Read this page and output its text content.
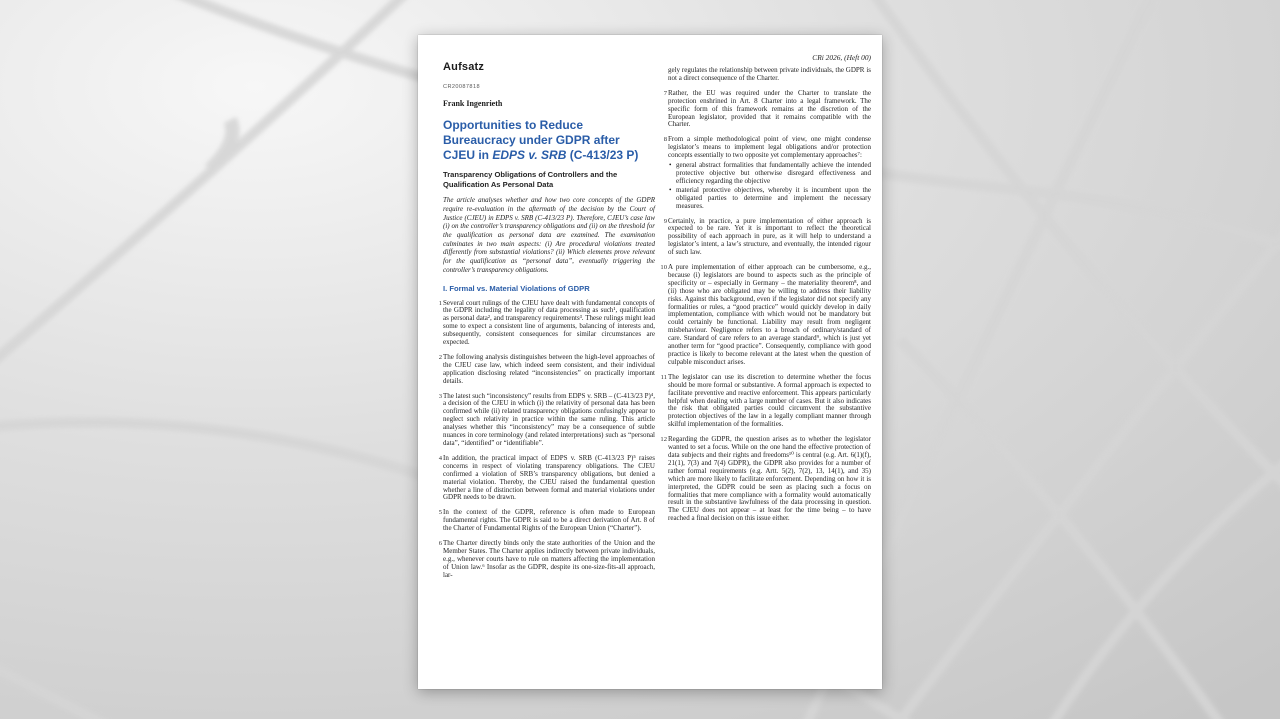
Aufsatz
CR20087818
Frank Ingenrieth
Opportunities to Reduce Bureaucracy under GDPR after CJEU in EDPS v. SRB (C-413/23 P)
Transparency Obligations of Controllers and the Qualification As Personal Data
The article analyses whether and how two core concepts of the GDPR require re-evaluation in the aftermath of the decision by the Court of Justice (CJEU) in EDPS v. SRB (C-413/23 P). Therefore, CJEU’s case law (i) on the controller’s transparency obligations and (ii) on the threshold for the qualification as personal data are examined. The examination culminates in two main aspects: (i) Are procedural violations treated differently from substantial violations? (ii) Which elements prove relevant for the qualification as “personal data”, eventually triggering the controller’s transparency obligations.
I. Formal vs. Material Violations of GDPR
1 Several court rulings of the CJEU have dealt with fundamental concepts of the GDPR including the legality of data processing as such¹, qualification as personal data², and transparency requirements³. These rulings might lead some to expect a consistent line of arguments, balancing of interests and, subsequently, consistent consequences for similar circumstances are expected.
2 The following analysis distinguishes between the high-level approaches of the CJEU case law, which indeed seem consistent, and their individual application disclosing related “inconsistencies” on practically important details.
3 The latest such “inconsistency” results from EDPS v. SRB – (C-413/23 P)⁴, a decision of the CJEU in which (i) the relativity of personal data has been confirmed while (ii) related transparency obligations confusingly appear to neglect such relativity in practice within the same ruling. This article analyses whether this “inconsistency” may be a consequence of subtle nuances in core terminology (and related interpretations) such as “personal data”, “identified” or “identifiable”.
4 In addition, the practical impact of EDPS v. SRB (C-413/23 P)⁵ raises concerns in respect of violating transparency obligations. The CJEU confirmed a violation of SRB’s transparency obligations, but denied a material violation. Thereby, the CJEU raised the fundamental question whether a line of distinction between formal and material violations under GDPR needs to be drawn.
5 In the context of the GDPR, reference is often made to European fundamental rights. The GDPR is said to be a direct derivation of Art. 8 of the Charter of Fundamental Rights of the European Union (“Charter”).
6 The Charter directly binds only the state authorities of the Union and the Member States. The Charter applies indirectly between private individuals, e.g., whenever courts have to rule on matters affecting the implementation of Union law.⁶ Insofar as the GDPR, despite its one-size-fits-all approach, lar-
CRi 2026, (Heft 00)
gely regulates the relationship between private individuals, the GDPR is not a direct consequence of the Charter.
7 Rather, the EU was required under the Charter to translate the protection enshrined in Art. 8 Charter into a legal framework. The specific form of this framework remains at the discretion of the European legislator, provided that it remains compatible with the Charter.
8 From a simple methodological point of view, one might condense legislator’s means to implement legal obligations and/or protection concepts essentially to two opposite yet complementary approaches⁷:
• general abstract formalities that fundamentally achieve the intended protective objective but otherwise disregard effectiveness and efficiency regarding the objective
• material protective objectives, whereby it is incumbent upon the obligated parties to determine and implement the necessary measures.
9 Certainly, in practice, a pure implementation of either approach is expected to be rare. Yet it is important to reflect the theoretical possibility of each approach in pure, as it will help to understand a legislator’s intent, a law’s structure, and eventually, the intended rigour of such law.
10 A pure implementation of either approach can be cumbersome, e.g., because (i) legislators are bound to aspects such as the principle of specificity or – especially in Germany – the materiality theorem⁸, and (ii) those who are obligated may be willing to address their liability risks. Against this background, even if the legislator did not specify any formalities or rules, a “good practice” would quickly develop in daily implementation, compliance with which would not be mandatory but could certainly be functional. Liability may result from negligent misbehaviour. Negligence refers to a breach of ordinary/standard of care. Standard of care refers to an average standard⁹, which is just yet another term for “good practice”. Consequently, compliance with good practice is likely to become relevant at the latest when the question of culpable misconduct arises.
11 The legislator can use its discretion to determine whether the focus should be more formal or substantive. A formal approach is expected to facilitate preventive and reactive enforcement. This appears particularly helpful when dealing with a large number of cases. But it also indicates the risk that obligated parties could circumvent the substantive protection objectives of the law in a legally compliant manner through skilful implementation of the formalities.
12 Regarding the GDPR, the question arises as to whether the legislator wanted to set a focus. While on the one hand the effective protection of data subjects and their rights and freedoms¹⁰ is central (e.g. Art. 6(1)(f), 21(1), 7(3) and 7(4) GDPR), the GDPR also provides for a number of rather formal requirements (e.g. Artt. 5(2), 7(2), 13, 14(1), and 35) which are more likely to facilitate enforcement. Depending on how it is interpreted, the GDPR could be seen as placing such a focus on formalities that mere compliance with a formality would automatically result in the substantive lawfulness of the data processing in question. The CJEU does not appear – at least for the time being – to have reached a final decision on this issue either.
